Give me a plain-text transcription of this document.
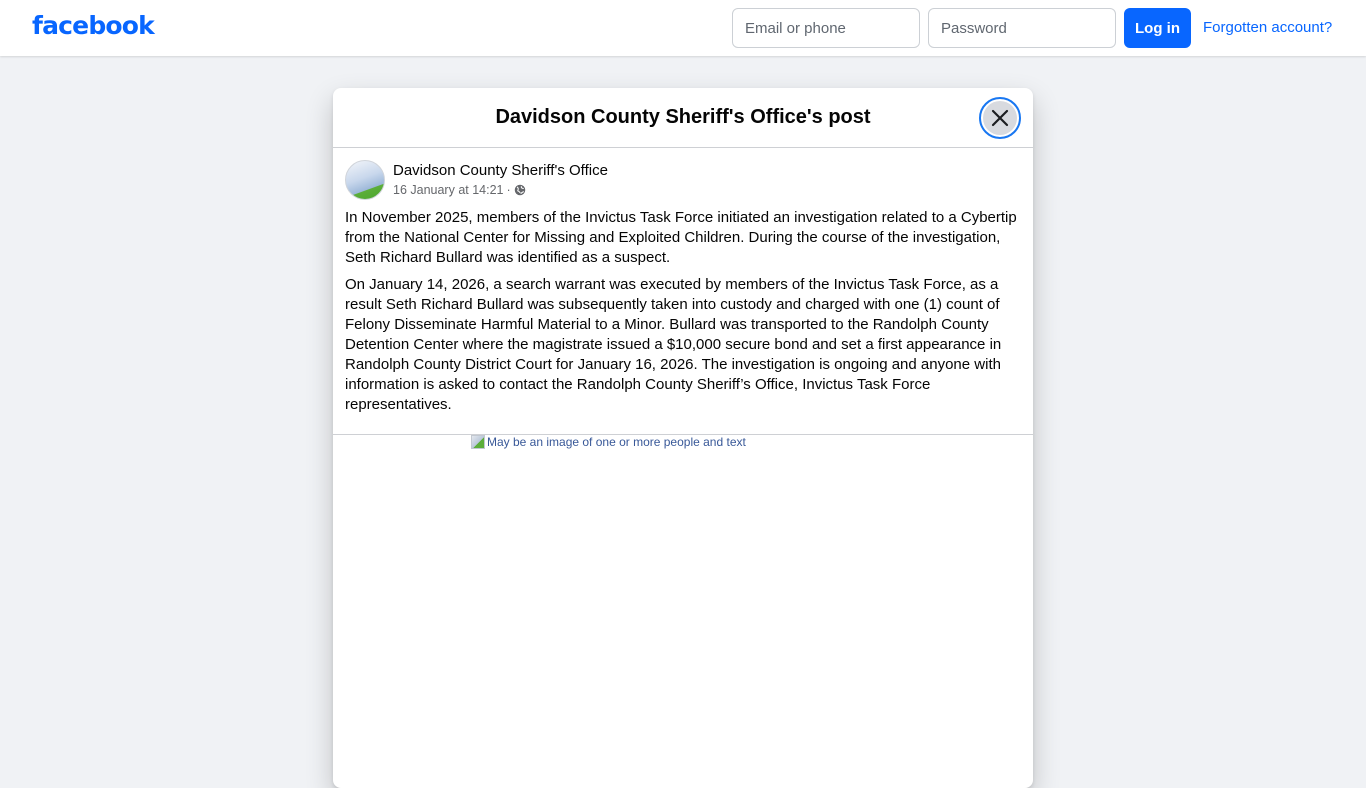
facebook
Email or phone	Log in	Forgotten account?
Davidson County Sheriff's Office's post
Davidson County Sheriff's Office
16 January at 14:21 ·

In November 2025, members of the Invictus Task Force initiated an investigation related to a Cybertip from the National Center for Missing and Exploited Children. During the course of the investigation, Seth Richard Bullard was identified as a suspect.

On January 14, 2026, a search warrant was executed by members of the Invictus Task Force, as a result Seth Richard Bullard was subsequently taken into custody and charged with one (1) count of Felony Disseminate Harmful Material to a Minor. Bullard was transported to the Randolph County Detention Center where the magistrate issued a $10,000 secure bond and set a first appearance in Randolph County District Court for January 16, 2026. The investigation is ongoing and anyone with information is asked to contact the Randolph County Sheriff’s Office, Invictus Task Force representatives.

May be an image of one or more people and text
